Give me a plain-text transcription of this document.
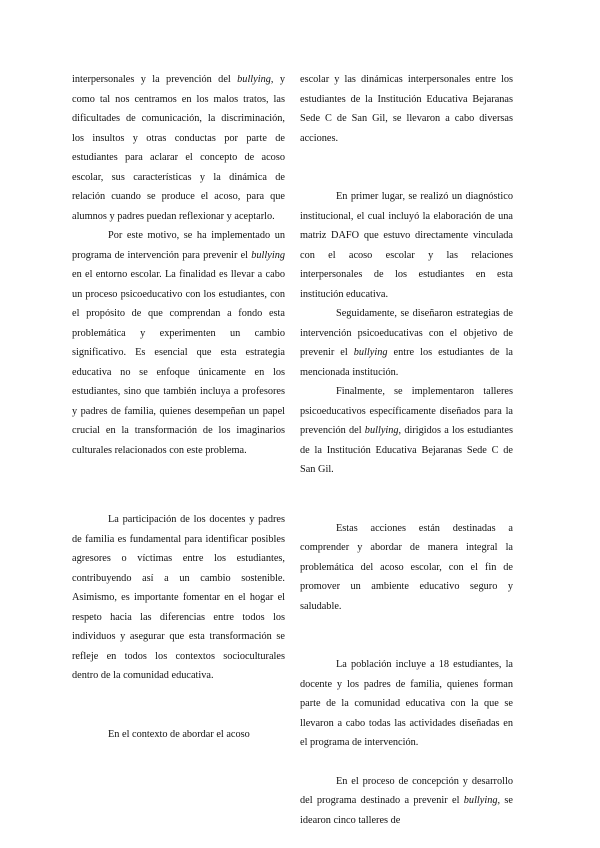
interpersonales y la prevención del bullying, y como tal nos centramos en los malos tratos, las dificultades de comunicación, la discriminación, los insultos y otras conductas por parte de estudiantes para aclarar el concepto de acoso escolar, sus características y la dinámica de relación cuando se produce el acoso, para que alumnos y padres puedan reflexionar y aceptarlo.

Por este motivo, se ha implementado un programa de intervención para prevenir el bullying en el entorno escolar. La finalidad es llevar a cabo un proceso psicoeducativo con los estudiantes, con el propósito de que comprendan a fondo esta problemática y experimenten un cambio significativo. Es esencial que esta estrategia educativa no se enfoque únicamente en los estudiantes, sino que también incluya a profesores y padres de familia, quienes desempeñan un papel crucial en la transformación de los imaginarios culturales relacionados con este problema.

La participación de los docentes y padres de familia es fundamental para identificar posibles agresores o víctimas entre los estudiantes, contribuyendo así a un cambio sostenible. Asimismo, es importante fomentar en el hogar el respeto hacia las diferencias entre todos los individuos y asegurar que esta transformación se refleje en todos los contextos socioculturales dentro de la comunidad educativa.

En el contexto de abordar el acoso

escolar y las dinámicas interpersonales entre los estudiantes de la Institución Educativa Bejaranas Sede C de San Gil, se llevaron a cabo diversas acciones.

En primer lugar, se realizó un diagnóstico institucional, el cual incluyó la elaboración de una matriz DAFO que estuvo directamente vinculada con el acoso escolar y las relaciones interpersonales de los estudiantes en esta institución educativa.

Seguidamente, se diseñaron estrategias de intervención psicoeducativas con el objetivo de prevenir el bullying entre los estudiantes de la mencionada institución.

Finalmente, se implementaron talleres psicoeducativos específicamente diseñados para la prevención del bullying, dirigidos a los estudiantes de la Institución Educativa Bejaranas Sede C de San Gil.

Estas acciones están destinadas a comprender y abordar de manera integral la problemática del acoso escolar, con el fin de promover un ambiente educativo seguro y saludable.

La población incluye a 18 estudiantes, la docente y los padres de familia, quienes forman parte de la comunidad educativa con la que se llevaron a cabo todas las actividades diseñadas en el programa de intervención.

En el proceso de concepción y desarrollo del programa destinado a prevenir el bullying, se idearon cinco talleres de
